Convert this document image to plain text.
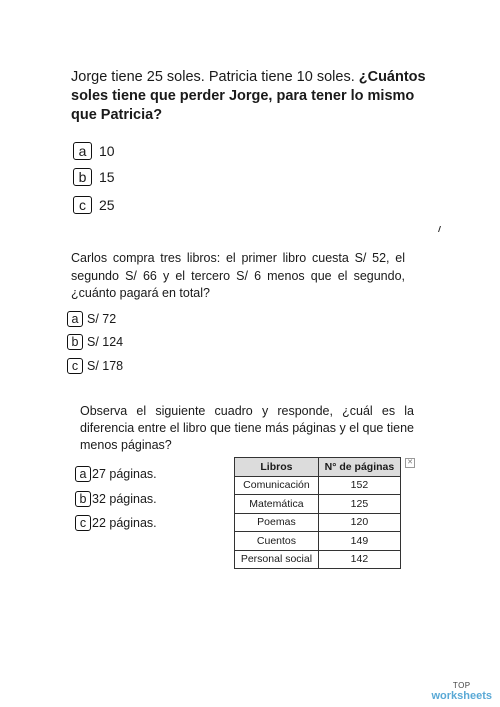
Jorge tiene 25 soles. Patricia tiene 10 soles. ¿Cuántos soles tiene que perder Jorge, para tener lo mismo que Patricia?
a 10
b 15
c 25
Carlos compra tres libros: el primer libro cuesta S/ 52, el segundo S/ 66 y el tercero S/ 6 menos que el segundo, ¿cuánto pagará en total?
a S/ 72
b S/ 124
c S/ 178
Observa el siguiente cuadro y responde, ¿cuál es la diferencia entre el libro que tiene más páginas y el que tiene menos páginas?
a 27 páginas.
b 32 páginas.
c 22 páginas.
Libros	N° de páginas
Comunicación	152
Matemática	125
Poemas	120
Cuentos	149
Personal social	142
✕
TOP
worksheets
